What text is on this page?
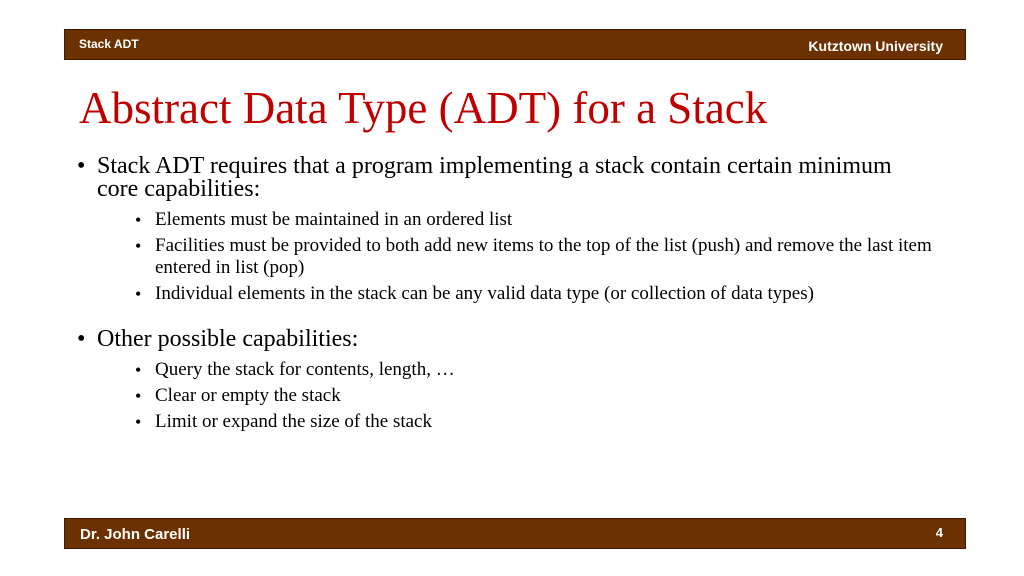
Stack ADT	Kutztown University
Abstract Data Type (ADT) for a Stack
• Stack ADT requires that a program implementing a stack contain certain minimum core capabilities:
• Elements must be maintained in an ordered list
• Facilities must be provided to both add new items to the top of the list (push) and remove the last item entered in list (pop)
• Individual elements in the stack can be any valid data type (or collection of data types)
• Other possible capabilities:
• Query the stack for contents, length, …
• Clear or empty the stack
• Limit or expand the size of the stack
Dr. John Carelli	4
